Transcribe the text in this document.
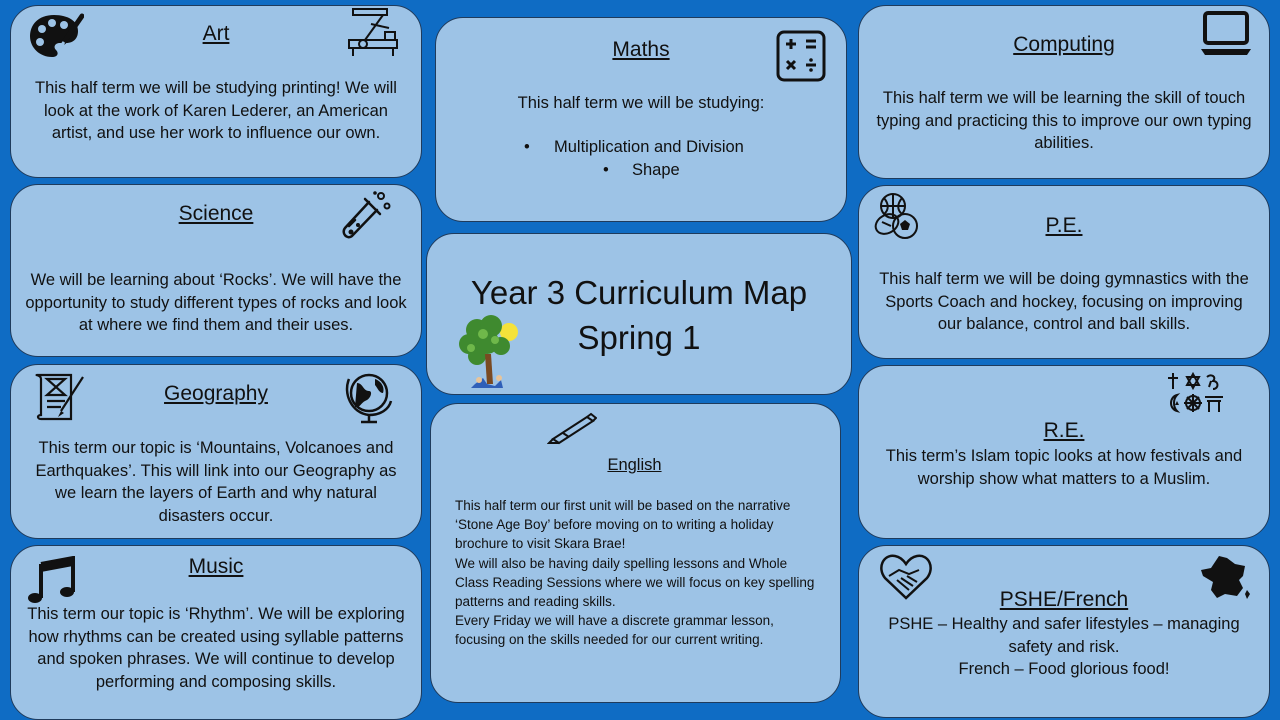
Art
This half term we will be studying printing! We will look at the work of Karen Lederer, an American artist, and use her work to influence our own.
Science
We will be learning about ‘Rocks’. We will have the opportunity to study different types of rocks and look at where we find them and their uses.
Geography
This term our topic is ‘Mountains, Volcanoes and Earthquakes’. This will link into our Geography as we learn the layers of Earth and why natural disasters occur.
Music
This term our topic is ‘Rhythm’. We will be exploring how rhythms can be created using syllable patterns and spoken phrases. We will continue to develop performing and composing skills.
Maths
This half term we will be studying:
• Multiplication and Division
• Shape
Year 3 Curriculum Map
Spring 1
English

This half term our first unit will be based on the narrative ‘Stone Age Boy’ before moving on to writing a holiday brochure to visit Skara Brae!

We will also be having daily spelling lessons and Whole Class Reading Sessions where we will focus on key spelling patterns and reading skills.

Every Friday we will have a discrete grammar lesson, focusing on the skills needed for our current writing.

Computing
This half term we will be learning the skill of touch typing and practicing this to improve our own typing abilities.
P.E.
This half term we will be doing gymnastics with the Sports Coach and hockey, focusing on improving our balance, control and ball skills.
R.E.
This term’s Islam topic looks at how festivals and worship show what matters to a Muslim.
PSHE/French
PSHE – Healthy and safer lifestyles – managing safety and risk.
French – Food glorious food!
